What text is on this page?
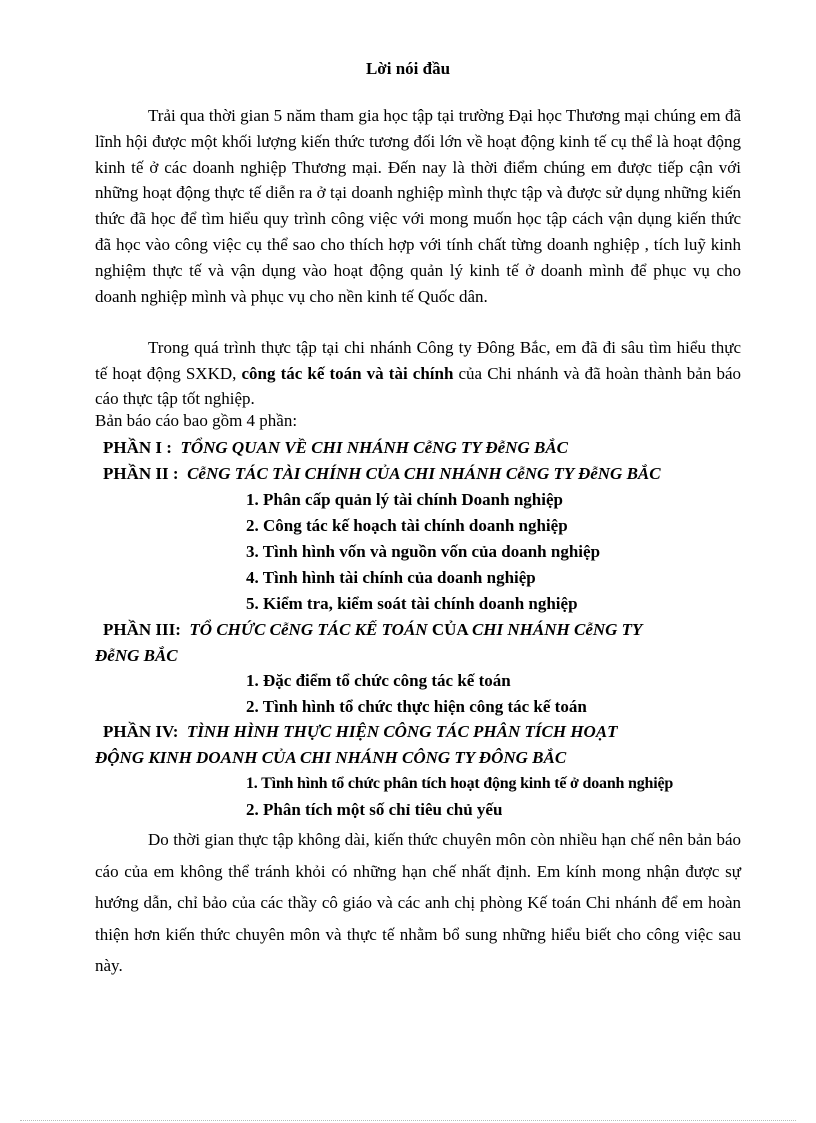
Lời nói đầu

Trải qua thời gian 5 năm tham gia học tập tại trường Đại học Thương mại chúng em đã lĩnh hội được một khối lượng kiến thức tương đối lớn về hoạt động kinh tế cụ thể là hoạt động kinh tế ở các doanh nghiệp Thương mại. Đến nay là thời điểm chúng em được tiếp cận với những hoạt động thực tế diễn ra ở tại doanh nghiệp mình thực tập và được sử dụng những kiến thức đã học để tìm hiểu quy trình công việc với mong muốn học tập cách vận dụng kiến thức đã học vào công việc cụ thể sao cho thích hợp với tính chất từng doanh nghiệp , tích luỹ kinh nghiệm thực tế và vận dụng vào hoạt động quản lý kinh tế ở doanh mình để phục vụ cho doanh nghiệp mình và phục vụ cho nền kinh tế Quốc dân.

Trong quá trình thực tập tại chi nhánh Công ty Đông Bắc, em đã đi sâu tìm hiểu thực tế hoạt động SXKD, công tác kế toán và tài chính của Chi nhánh và đã hoàn thành bản báo cáo thực tập tốt nghiệp.

Bản báo cáo bao gồm 4 phần:
PHẦN I : TỔNG QUAN VỀ CHI NHÁNH CễNG TY ĐễNG BẮC
PHẦN II : CễNG TÁC TÀI CHÍNH CỦA CHI NHÁNH CễNG TY ĐễNG BẮC
1. Phân cấp quản lý tài chính Doanh nghiệp
2. Công tác kế hoạch tài chính doanh nghiệp
3. Tình hình vốn và nguồn vốn của doanh nghiệp
4. Tình hình tài chính của doanh nghiệp
5. Kiểm tra, kiểm soát tài chính doanh nghiệp
PHẦN III: TỔ CHỨC CễNG TÁC KẾ TOÁN CỦA CHI NHÁNH CễNG TY
ĐễNG BẮC
1. Đặc điểm tổ chức công tác kế toán
2. Tình hình tổ chức thực hiện công tác kế toán
PHẦN IV: TÌNH HÌNH THỰC HIỆN CÔNG TÁC PHÂN TÍCH HOẠT
ĐỘNG KINH DOANH CỦA CHI NHÁNH CÔNG TY ĐÔNG BẮC
1. Tình hình tổ chức phân tích hoạt động kinh tế ở doanh nghiệp
2. Phân tích một số chỉ tiêu chủ yếu

Do thời gian thực tập không dài, kiến thức chuyên môn còn nhiều hạn chế nên bản báo cáo của em không thể tránh khỏi có những hạn chế nhất định. Em kính mong nhận được sự hướng dẫn, chỉ bảo của các thầy cô giáo và các anh chị phòng Kế toán Chi nhánh để em hoàn thiện hơn kiến thức chuyên môn và thực tế nhằm bổ sung những hiểu biết cho công việc sau này.
